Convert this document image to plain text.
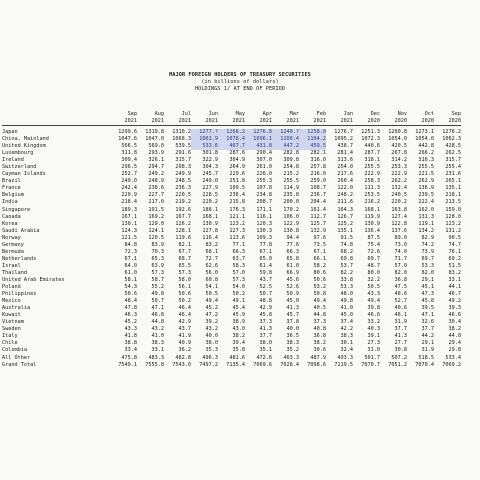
MAJOR FOREIGN HOLDERS OF TREASURY SECURITIES
(in billions of dollars)
HOLDINGS 1/ AT END OF PERIOD
	Sep	Aug	Jul	Jun	May	Apr	Mar	Feb	Jan	Dec	Nov	Oct	Sep
	2021	2021	2021	2021	2021	2021	2021	2021	2021	2020	2020	2020	2020

Japan	1299.6	1319.8	1310.2	1277.?	1266.2	1276.8	1240.?	1258.0	1276.7	1251.3	1260.8	1273.1	1276.2
China, Mainland	1047.6	1047.0	1068.3	1061.9	1078.4	1096.1	1100.4	1104.2	1095.2	1072.3	1054.0	1054.0	1062.3
United Kingdom	566.5	569.0	539.5	533.6	467.7	431.8	447.2	459.5	438.7	440.6	420.5	442.8	428.5
Luxembourg	311.8	293.9	291.6	301.8	287.6	290.4	282.8	282.1	281.4	287.7	267.8	266.2	262.5
Ireland	309.4	326.1	315.7	322.9	304.9	307.0	309.8	316.0	313.6	318.1	314.2	316.3	315.7
Switzerland	296.5	294.7	298.3	304.3	264.9	261.0	254.8	257.8	254.0	255.5	253.3	255.5	255.4
Cayman Islands	252.7	249.2	249.9	245.7	229.6	226.0	215.2	216.0	217.6	222.9	222.9	221.5	231.6
Brazil	249.0	248.9	248.5	249.0	251.8	255.3	255.5	259.0	260.4	258.3	262.2	262.9	265.1
France	242.4	238.6	236.3	227.9	109.5	107.8	114.9	108.7	122.0	111.3	132.4	136.9	135.1
Belgium	220.9	227.7	220.5	228.5	236.4	234.8	235.8	236.7	248.2	253.5	240.5	239.5	218.1
India	218.4	217.0	219.2	220.2	215.8	208.7	200.0	204.4	211.6	216.2	220.2	222.4	213.5
Singapore	189.3	191.5	192.6	188.1	176.3	171.1	170.2	161.4	164.3	168.1	163.8	162.0	159.0
Canada	167.1	169.2	167.7	168.1	121.1	116.1	106.0	112.7	126.7	119.9	127.4	131.3	128.0
Korea	130.1	129.0	126.2	130.9	123.2	120.3	122.9	125.7	125.2	130.9	122.8	119.1	123.2
Saudi Arabia	124.3	124.1	128.1	127.8	127.3	130.3	130.8	132.9	135.1	136.4	137.6	134.2	131.2
Norway	121.5	120.5	119.6	116.4	113.6	109.3	94.4	97.6	91.5	87.5	89.0	82.9	90.5
Germany	84.8	83.9	82.1	83.2	77.1	77.8	77.6	73.5	74.8	75.4	73.0	74.2	74.7
Bermuda	72.3	70.3	67.7	68.1	66.3	67.1	66.3	67.1	68.2	72.6	74.0	73.9	76.1
Netherlands	67.1	65.3	68.7	72.7	63.7	65.0	65.8	66.1	69.8	69.7	71.7	69.7	69.2
Israel	64.0	63.9	65.5	62.6	58.3	61.4	61.0	58.2	53.7	48.7	57.0	53.3	51.5
Thailand	61.0	57.3	57.3	56.0	57.0	59.8	66.9	80.6	82.2	80.0	82.0	82.0	83.2
United Arab Emirates	58.1	58.7	58.0	60.8	57.3	43.7	45.6	50.6	33.8	32.2	36.8	29.1	33.1
Poland	54.3	55.2	56.1	54.1	54.0	52.5	52.6	53.2	53.3	50.5	47.5	45.1	44.1
Philippines	50.6	49.8	50.6	50.5	50.2	50.7	50.9	50.8	48.0	43.3	48.6	47.3	46.7
Mexico	48.4	50.7	50.2	49.4	49.1	48.8	45.0	49.4	49.8	49.4	52.7	45.8	49.2
Australia	47.8	47.1	46.4	45.2	45.4	42.9	41.3	40.5	41.0	39.8	40.6	39.5	39.3
Kuwait	46.3	46.8	46.4	47.2	45.9	45.8	45.7	44.8	45.0	46.6	46.1	47.1	46.6
Vietnam	45.2	44.8	42.9	39.2	38.9	37.3	37.8	37.3	37.4	33.2	31.9	32.6	30.4
Sweden	43.3	43.2	43.7	43.2	43.0	41.3	40.0	40.8	42.2	40.3	37.7	37.7	38.2
Italy	41.8	41.0	41.9	40.0	38.2	37.7	36.5	36.8	38.3	39.1	41.3	44.2	44.0
Chile	38.8	38.3	40.9	38.0	39.4	38.0	38.3	38.2	30.1	27.3	27.7	29.1	29.4
Colombia	33.4	33.1	36.2	35.3	35.8	35.1	35.2	30.6	32.4	31.0	30.8	31.9	29.8
All Other	475.8	483.3	482.8	496.3	481.6	472.6	463.3	487.9	493.3	501.7	507.2	518.5	533.4
Grand Total	7549.1	7555.8	7543.0	7497.2	7135.4	7069.6	7028.4	7098.6	7119.5	7070.7	7051.2	7070.4	7069.2
